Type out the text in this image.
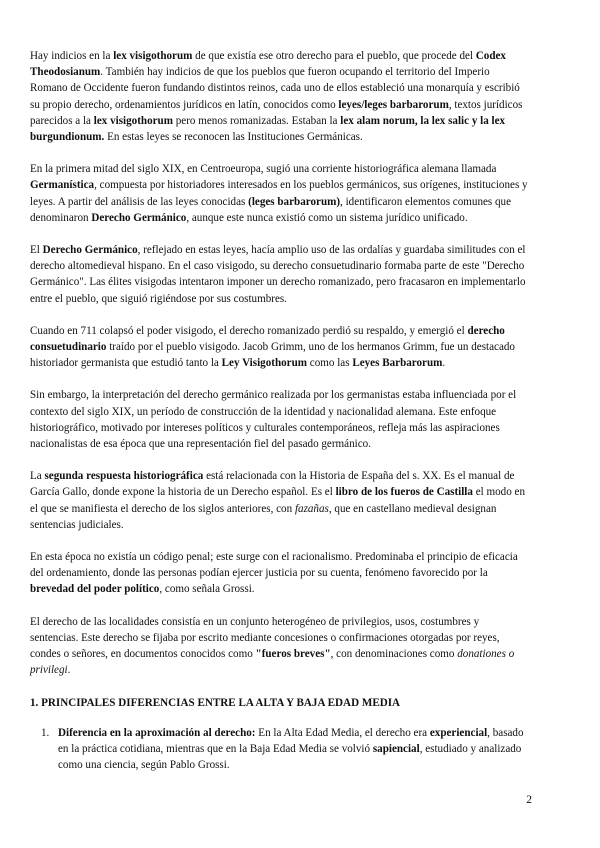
Hay indicios en la lex visigothorum de que existía ese otro derecho para el pueblo, que procede del Codex Theodosianum. También hay indicios de que los pueblos que fueron ocupando el territorio del Imperio Romano de Occidente fueron fundando distintos reinos, cada uno de ellos estableció una monarquía y escribió su propio derecho, ordenamientos jurídicos en latín, conocidos como leyes/leges barbarorum, textos jurídicos parecidos a la lex visigothorum pero menos romanizadas. Estaban la lex alam norum, la lex salic y la lex burgundionum. En estas leyes se reconocen las Instituciones Germánicas.

En la primera mitad del siglo XIX, en Centroeuropa, sugió una corriente historiográfica alemana llamada Germanística, compuesta por historiadores interesados en los pueblos germánicos, sus orígenes, instituciones y leyes. A partir del análisis de las leyes conocidas (leges barbarorum), identificaron elementos comunes que denominaron Derecho Germánico, aunque este nunca existió como un sistema jurídico unificado.

El Derecho Germánico, reflejado en estas leyes, hacía amplio uso de las ordalías y guardaba similitudes con el derecho altomedieval hispano. En el caso visigodo, su derecho consuetudinario formaba parte de este "Derecho Germánico". Las élites visigodas intentaron imponer un derecho romanizado, pero fracasaron en implementarlo entre el pueblo, que siguió rigiéndose por sus costumbres.

Cuando en 711 colapsó el poder visigodo, el derecho romanizado perdió su respaldo, y emergió el derecho consuetudinario traído por el pueblo visigodo. Jacob Grimm, uno de los hermanos Grimm, fue un destacado historiador germanista que estudió tanto la Ley Visigothorum como las Leyes Barbarorum.

Sin embargo, la interpretación del derecho germánico realizada por los germanistas estaba influenciada por el contexto del siglo XIX, un período de construcción de la identidad y nacionalidad alemana. Este enfoque historiográfico, motivado por intereses políticos y culturales contemporáneos, refleja más las aspiraciones nacionalistas de esa época que una representación fiel del pasado germánico.

La segunda respuesta historiográfica está relacionada con la Historia de España del s. XX. Es el manual de García Gallo, donde expone la historia de un Derecho español. Es el libro de los fueros de Castilla el modo en el que se manifiesta el derecho de los siglos anteriores, con fazañas, que en castellano medieval designan sentencias judiciales.

En esta época no existía un código penal; este surge con el racionalismo. Predominaba el principio de eficacia del ordenamiento, donde las personas podían ejercer justicia por su cuenta, fenómeno favorecido por la brevedad del poder político, como señala Grossi.

El derecho de las localidades consistía en un conjunto heterogéneo de privilegios, usos, costumbres y sentencias. Este derecho se fijaba por escrito mediante concesiones o confirmaciones otorgadas por reyes, condes o señores, en documentos conocidos como "fueros breves", con denominaciones como donationes o privilegi.

1. PRINCIPALES DIFERENCIAS ENTRE LA ALTA Y BAJA EDAD MEDIA
1. Diferencia en la aproximación al derecho: En la Alta Edad Media, el derecho era experiencial, basado en la práctica cotidiana, mientras que en la Baja Edad Media se volvió sapiencial, estudiado y analizado como una ciencia, según Pablo Grossi.
2
